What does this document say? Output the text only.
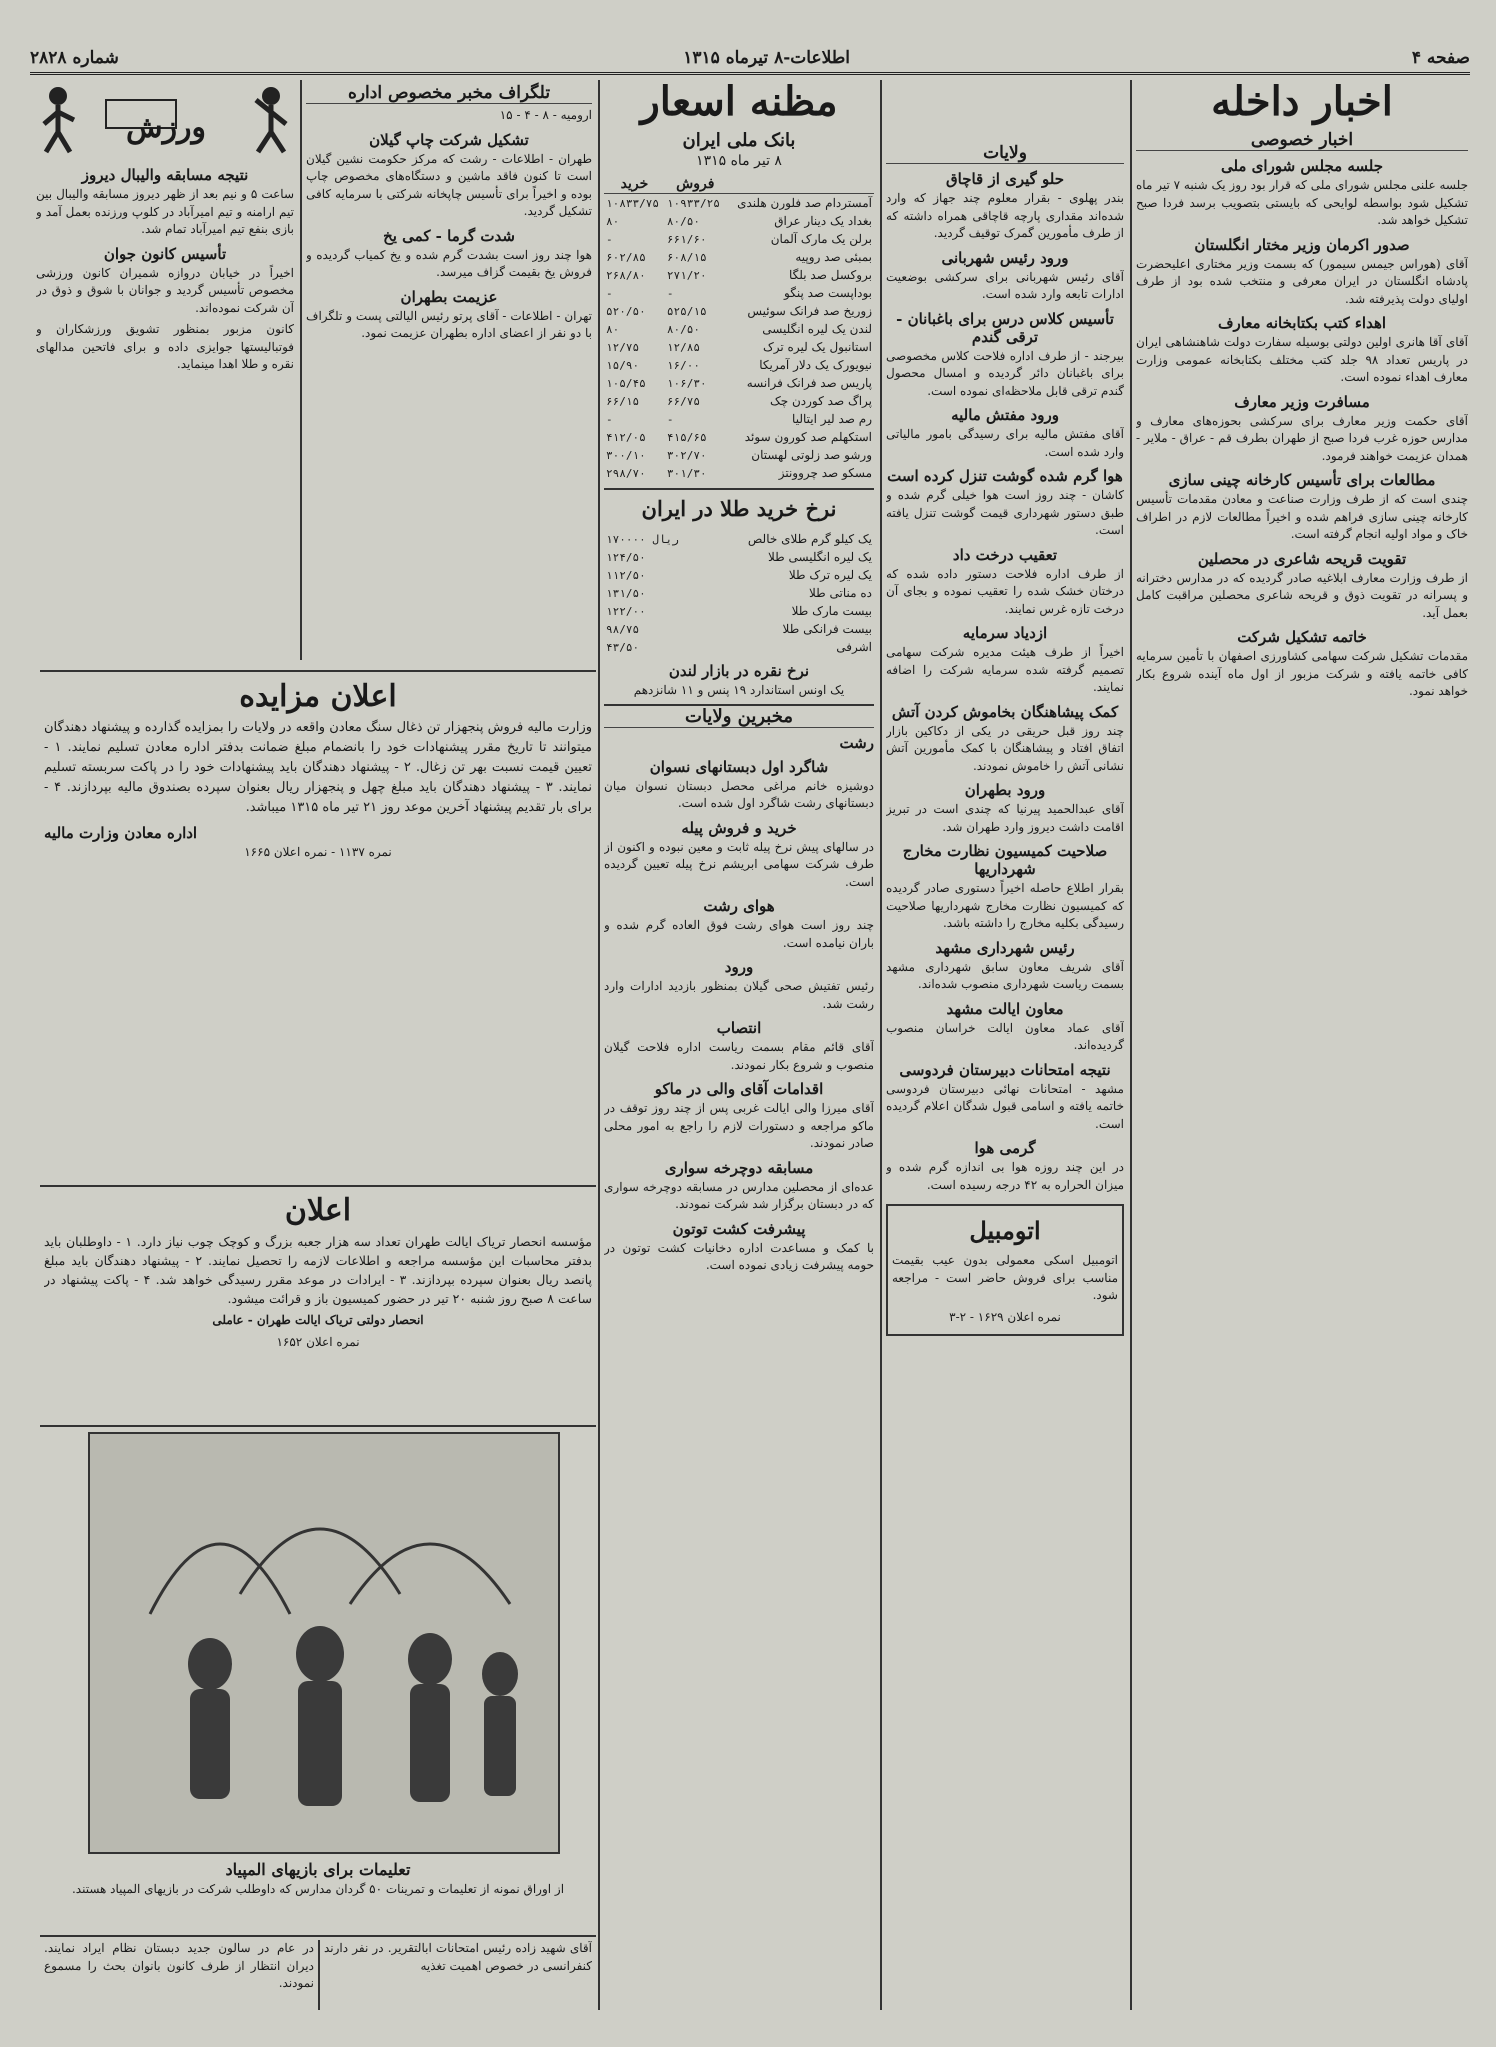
صفحه ۴
اطلاعات-۸ تیرماه ۱۳۱۵
شماره ۲۸۲۸
اخبار داخله
اخبار خصوصی
جلسه مجلس شورای ملی
جلسه علنی مجلس شورای ملی که قرار بود روز یک شنبه ۷ تیر ماه تشکیل شود بواسطه لوایحی که بایستی بتصویب برسد فردا صبح تشکیل خواهد شد.
صدور اکرمان وزیر مختار انگلستان
آقای (هوراس جیمس سیمور) که بسمت وزیر مختاری اعلیحضرت پادشاه انگلستان در ایران معرفی و منتخب شده بود از طرف اولیای دولت پذیرفته شد.
اهداء کتب بکتابخانه معارف
آقای آقا هانری اولین دولتی بوسیله سفارت دولت شاهنشاهی ایران در پاریس تعداد ۹۸ جلد کتب مختلف بکتابخانه عمومی وزارت معارف اهداء نموده است.
مسافرت وزیر معارف
آقای حکمت وزیر معارف برای سرکشی بحوزه‌های معارف و مدارس حوزه غرب فردا صبح از طهران بطرف قم - عراق - ملایر - همدان عزیمت خواهند فرمود.
مطالعات برای تأسیس کارخانه چینی سازی
چندی است که از طرف وزارت صناعت و معادن مقدمات تأسیس کارخانه چینی سازی فراهم شده و اخیراً مطالعات لازم در اطراف خاک و مواد اولیه انجام گرفته است.
تقویت قریحه شاعری در محصلین
از طرف وزارت معارف ابلاغیه صادر گردیده که در مدارس دخترانه و پسرانه در تقویت ذوق و قریحه شاعری محصلین مراقبت کامل بعمل آید.
خاتمه تشکیل شرکت
مقدمات تشکیل شرکت سهامی کشاورزی اصفهان با تأمین سرمایه کافی خاتمه یافته و شرکت مزبور از اول ماه آینده شروع بکار خواهد نمود.
ولایات
حلو گیری از قاچاق
بندر پهلوی - بقرار معلوم چند جهاز که وارد شده‌اند مقداری پارچه قاچاقی همراه داشته که از طرف مأمورین گمرک توقیف گردید.
ورود رئیس شهربانی
آقای رئیس شهربانی برای سرکشی بوضعیت ادارات تابعه وارد شده است.
تأسیس کلاس درس برای باغبانان - ترقی گندم
بیرجند - از طرف اداره فلاحت کلاس مخصوصی برای باغبانان دائر گردیده و امسال محصول گندم ترقی قابل ملاحظه‌ای نموده است.
ورود مفتش مالیه
آقای مفتش مالیه برای رسیدگی بامور مالیاتی وارد شده است.
هوا گرم شده گوشت تنزل کرده است
کاشان - چند روز است هوا خیلی گرم شده و طبق دستور شهرداری قیمت گوشت تنزل یافته است.
تعقیب درخت داد
از طرف اداره فلاحت دستور داده شده که درختان خشک شده را تعقیب نموده و بجای آن درخت تازه غرس نمایند.
ازدیاد سرمایه
اخیراً از طرف هیئت مدیره شرکت سهامی تصمیم گرفته شده سرمایه شرکت را اضافه نمایند.
کمک پیشاهنگان بخاموش کردن آتش
چند روز قبل حریقی در یکی از دکاکین بازار اتفاق افتاد و پیشاهنگان با کمک مأمورین آتش نشانی آتش را خاموش نمودند.
ورود بطهران
آقای عبدالحمید پیرنیا که چندی است در تبریز اقامت داشت دیروز وارد طهران شد.
صلاحیت کمیسیون نظارت مخارج شهرداریها
بقرار اطلاع حاصله اخیراً دستوری صادر گردیده که کمیسیون نظارت مخارج شهرداریها صلاحیت رسیدگی بکلیه مخارج را داشته باشد.
رئیس شهرداری مشهد
آقای شریف معاون سابق شهرداری مشهد بسمت ریاست شهرداری منصوب شده‌اند.
معاون ایالت مشهد
آقای عماد معاون ایالت خراسان منصوب گردیده‌اند.
نتیجه امتحانات دبیرستان فردوسی
مشهد - امتحانات نهائی دبیرستان فردوسی خاتمه یافته و اسامی قبول شدگان اعلام گردیده است.
گرمی هوا
در این چند روزه هوا بی اندازه گرم شده و میزان الحراره به ۴۲ درجه رسیده است.
اتومبیل
اتومبیل اسکی معمولی بدون عیب بقیمت مناسب برای فروش حاضر است - مراجعه شود.
نمره اعلان ۱۶۲۹ - ۲-۳
مظنه اسعار
بانک ملی ایران
۸ تیر ماه ۱۳۱۵
	فروش	خرید
آمستردام صد فلورن هلندی	۱۰۹۳۳/۲۵	۱۰۸۳۳/۷۵
بغداد یک دینار عراق	۸۰/۵۰	۸۰
برلن یک مارک آلمان	۶۶۱/۶۰	-
بمبئی صد روپیه	۶۰۸/۱۵	۶۰۲/۸۵
بروکسل صد بلگا	۲۷۱/۲۰	۲۶۸/۸۰
بوداپست صد پنگو	-	-
زوریخ صد فرانک سوئیس	۵۲۵/۱۵	۵۲۰/۵۰
لندن یک لیره انگلیسی	۸۰/۵۰	۸۰
استانبول یک لیره ترک	۱۲/۸۵	۱۲/۷۵
نیویورک یک دلار آمریکا	۱۶/۰۰	۱۵/۹۰
پاریس صد فرانک فرانسه	۱۰۶/۳۰	۱۰۵/۴۵
پراگ صد کوردن چک	۶۶/۷۵	۶۶/۱۵
رم صد لیر ایتالیا	-	-
استکهلم صد کورون سوئد	۴۱۵/۶۵	۴۱۲/۰۵
ورشو صد زلوتی لهستان	۳۰۲/۷۰	۳۰۰/۱۰
مسکو صد چروونتز	۳۰۱/۳۰	۲۹۸/۷۰
نرخ خرید طلا در ایران
یک کیلو گرم طلای خالص	۱۷۰۰۰۰ ریال
یک لیره انگلیسی طلا	۱۲۴/۵۰
یک لیره ترک طلا	۱۱۲/۵۰
ده مناتی طلا	۱۳۱/۵۰
بیست مارک طلا	۱۲۲/۰۰
بیست فرانکی طلا	۹۸/۷۵
اشرفی	۴۳/۵۰
نرخ نقره در بازار لندن
یک اونس استاندارد ۱۹ پنس و ۱۱ شانزدهم
مخبرین ولایات
رشت
شاگرد اول دبستانهای نسوان
دوشیزه خانم مراغی محصل دبستان نسوان میان دبستانهای رشت شاگرد اول شده است.
خرید و فروش پیله
در سالهای پیش نرخ پیله ثابت و معین نبوده و اکنون از طرف شرکت سهامی ابریشم نرخ پیله تعیین گردیده است.
هوای رشت
چند روز است هوای رشت فوق العاده گرم شده و باران نیامده است.
ورود
رئیس تفتیش صحی گیلان بمنظور بازدید ادارات وارد رشت شد.
انتصاب
آقای قائم مقام بسمت ریاست اداره فلاحت گیلان منصوب و شروع بکار نمودند.
اقدامات آقای والی در ماکو
آقای میرزا والی ایالت غربی پس از چند روز توقف در ماکو مراجعه و دستورات لازم را راجع به امور محلی صادر نمودند.
مسابقه دوچرخه سواری
عده‌ای از محصلین مدارس در مسابقه دوچرخه سواری که در دبستان برگزار شد شرکت نمودند.
پیشرفت کشت توتون
با کمک و مساعدت اداره دخانیات کشت توتون در حومه پیشرفت زیادی نموده است.
تلگراف مخبر مخصوص اداره
ارومیه - ۸ - ۴ - ۱۵
تشکیل شرکت چاپ گیلان
طهران - اطلاعات - رشت که مرکز حکومت نشین گیلان است تا کنون فاقد ماشین و دستگاه‌های مخصوص چاپ بوده و اخیراً برای تأسیس چاپخانه شرکتی با سرمایه کافی تشکیل گردید.
شدت گرما - کمی یخ
هوا چند روز است بشدت گرم شده و یخ کمیاب گردیده و فروش یخ بقیمت گزاف میرسد.
عزیمت بطهران
تهران - اطلاعات - آقای پرتو رئیس الیالتی پست و تلگراف با دو نفر از اعضای اداره بطهران عزیمت نمود.
ورزش
نتیجه مسابقه والیبال دیروز
ساعت ۵ و نیم بعد از ظهر دیروز مسابقه والیبال بین تیم ارامنه و تیم امیرآباد در کلوپ ورزنده بعمل آمد و بازی بنفع تیم امیرآباد تمام شد.
تأسیس کانون جوان
اخیراً در خیابان دروازه شمیران کانون ورزشی مخصوص تأسیس گردید و جوانان با شوق و ذوق در آن شرکت نموده‌اند.
کانون مزبور بمنظور تشویق ورزشکاران و فوتبالیستها جوایزی داده و برای فاتحین مدالهای نقره و طلا اهدا مینماید.
اعلان مزایده
وزارت مالیه فروش پنجهزار تن ذغال سنگ معادن واقعه در ولایات را بمزایده گذارده و پیشنهاد دهندگان میتوانند تا تاریخ مقرر پیشنهادات خود را بانضمام مبلغ ضمانت بدفتر اداره معادن تسلیم نمایند. ۱ - تعیین قیمت نسبت بهر تن زغال. ۲ - پیشنهاد دهندگان باید پیشنهادات خود را در پاکت سربسته تسلیم نمایند. ۳ - پیشنهاد دهندگان باید مبلغ چهل و پنجهزار ریال بعنوان سپرده بصندوق مالیه بپردازند. ۴ - برای بار تقدیم پیشنهاد آخرین موعد روز ۲۱ تیر ماه ۱۳۱۵ میباشد.
اداره معادن وزارت مالیه
نمره ۱۱۳۷ - نمره اعلان ۱۶۶۵
اعلان
مؤسسه انحصار تریاک ایالت طهران تعداد سه هزار جعبه بزرگ و کوچک چوب نیاز دارد. ۱ - داوطلبان باید بدفتر محاسبات این مؤسسه مراجعه و اطلاعات لازمه را تحصیل نمایند. ۲ - پیشنهاد دهندگان باید مبلغ پانصد ریال بعنوان سپرده بپردازند. ۳ - ایرادات در موعد مقرر رسیدگی خواهد شد. ۴ - پاکت پیشنهاد در ساعت ۸ صبح روز شنبه ۲۰ تیر در حضور کمیسیون باز و قرائت میشود.
انحصار دولتی تریاک ایالت طهران - عاملی
نمره اعلان ۱۶۵۲
تعلیمات برای بازیهای المپیاد
از اوراق نمونه از تعلیمات و تمرینات ۵۰ گردان مدارس که داوطلب شرکت در بازیهای المپیاد هستند.
در عام در سالون جدید دبستان نظام ایراد نمایند. دیران انتظار از طرف کانون بانوان بحث را مسموع نمودند.
آقای شهید زاده رئیس امتحانات ابالتقریر. در نفر دارند کنفرانسی در خصوص اهمیت تغذیه
